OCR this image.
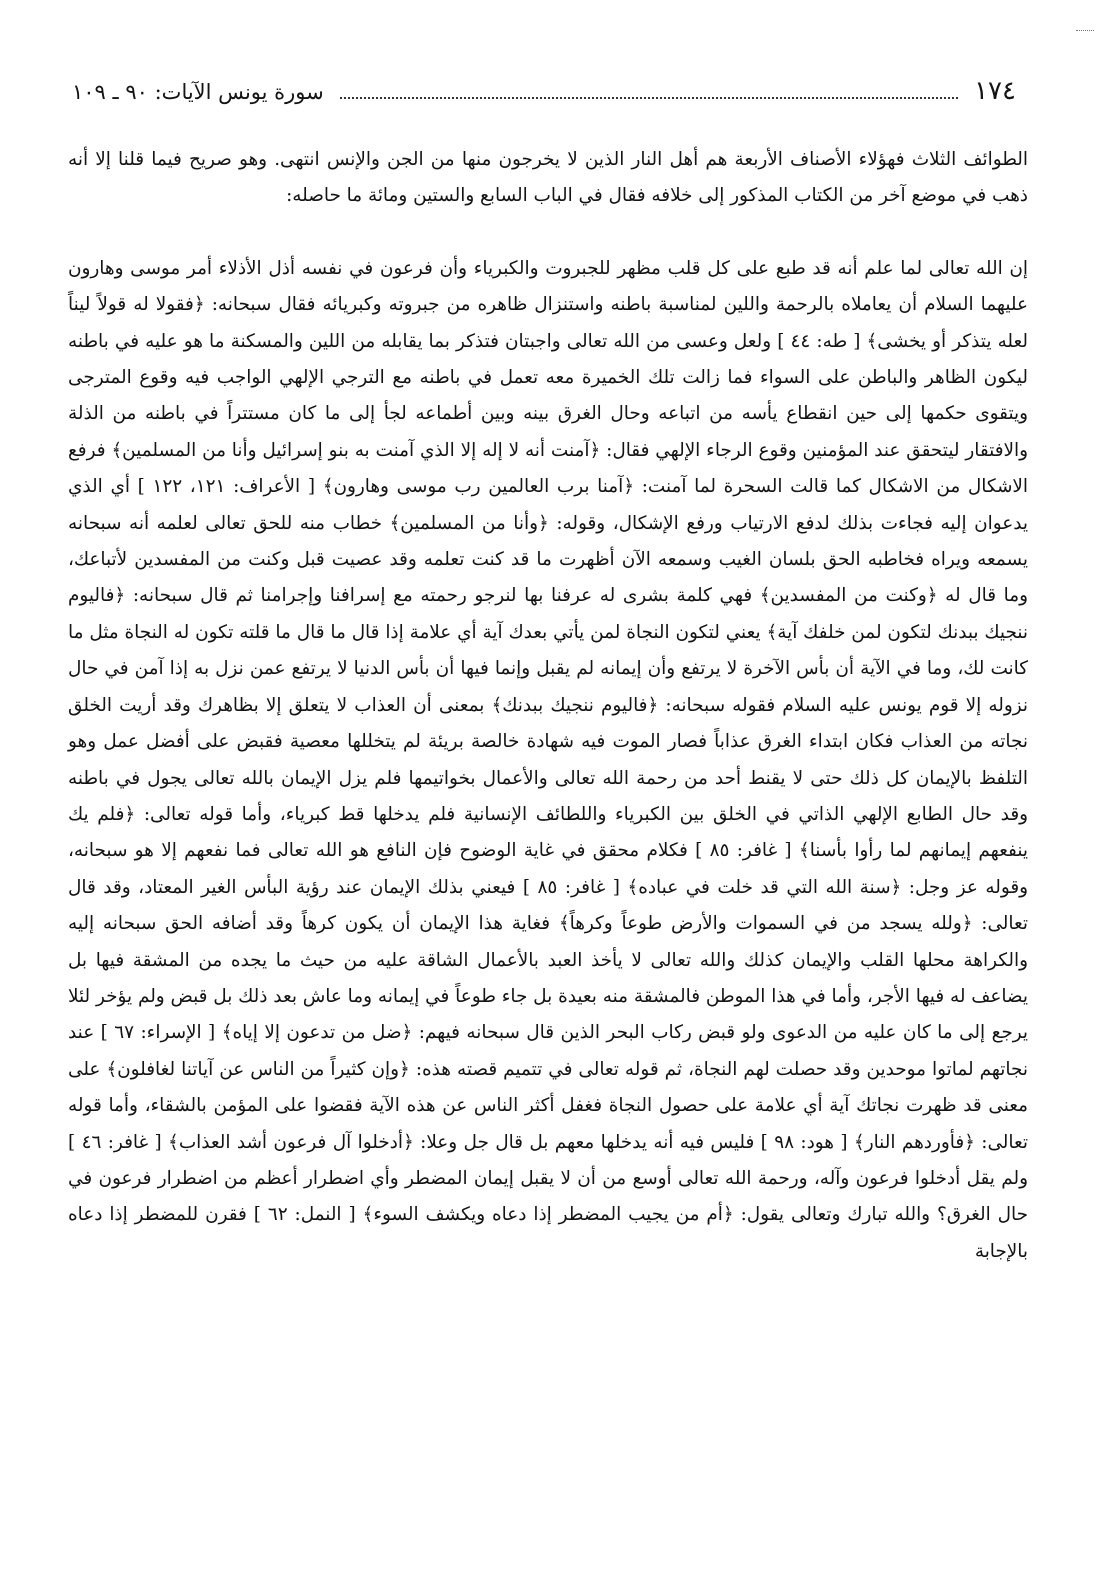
١٧٤
سورة يونس الآيات: ٩٠ ـ ١٠٩

الطوائف الثلاث فهؤلاء الأصناف الأربعة هم أهل النار الذين لا يخرجون منها من الجن والإنس انتهى. وهو صريح فيما قلنا إلا أنه ذهب في موضع آخر من الكتاب المذكور إلى خلافه فقال في الباب السابع والستين ومائة ما حاصله:

إن الله تعالى لما علم أنه قد طبع على كل قلب مظهر للجبروت والكبرياء وأن فرعون في نفسه أذل الأذلاء أمر موسى وهارون عليهما السلام أن يعاملاه بالرحمة واللين لمناسبة باطنه واستنزال ظاهره من جبروته وكبريائه فقال سبحانه: ﴿فقولا له قولاً ليناً لعله يتذكر أو يخشى﴾ [ طه: ٤٤ ] ولعل وعسى من الله تعالى واجبتان فتذكر بما يقابله من اللين والمسكنة ما هو عليه في باطنه ليكون الظاهر والباطن على السواء فما زالت تلك الخميرة معه تعمل في باطنه مع الترجي الإلهي الواجب فيه وقوع المترجى ويتقوى حكمها إلى حين انقطاع يأسه من اتباعه وحال الغرق بينه وبين أطماعه لجأ إلى ما كان مستتراً في باطنه من الذلة والافتقار ليتحقق عند المؤمنين وقوع الرجاء الإلهي فقال: ﴿آمنت أنه لا إله إلا الذي آمنت به بنو إسرائيل وأنا من المسلمين﴾ فرفع الاشكال من الاشكال كما قالت السحرة لما آمنت: ﴿آمنا برب العالمين رب موسى وهارون﴾ [ الأعراف: ١٢١، ١٢٢ ] أي الذي يدعوان إليه فجاءت بذلك لدفع الارتياب ورفع الإشكال، وقوله: ﴿وأنا من المسلمين﴾ خطاب منه للحق تعالى لعلمه أنه سبحانه يسمعه ويراه فخاطبه الحق بلسان الغيب وسمعه الآن أظهرت ما قد كنت تعلمه وقد عصيت قبل وكنت من المفسدين لأتباعك، وما قال له ﴿وكنت من المفسدين﴾ فهي كلمة بشرى له عرفنا بها لنرجو رحمته مع إسرافنا وإجرامنا ثم قال سبحانه: ﴿فاليوم ننجيك ببدنك لتكون لمن خلفك آية﴾ يعني لتكون النجاة لمن يأتي بعدك آية أي علامة إذا قال ما قال ما قلته تكون له النجاة مثل ما كانت لك، وما في الآية أن بأس الآخرة لا يرتفع وأن إيمانه لم يقبل وإنما فيها أن بأس الدنيا لا يرتفع عمن نزل به إذا آمن في حال نزوله إلا قوم يونس عليه السلام فقوله سبحانه: ﴿فاليوم ننجيك ببدنك﴾ بمعنى أن العذاب لا يتعلق إلا بظاهرك وقد أريت الخلق نجاته من العذاب فكان ابتداء الغرق عذاباً فصار الموت فيه شهادة خالصة بريئة لم يتخللها معصية فقبض على أفضل عمل وهو التلفظ بالإيمان كل ذلك حتى لا يقنط أحد من رحمة الله تعالى والأعمال بخواتيمها فلم يزل الإيمان بالله تعالى يجول في باطنه وقد حال الطابع الإلهي الذاتي في الخلق بين الكبرياء واللطائف الإنسانية فلم يدخلها قط كبرياء، وأما قوله تعالى: ﴿فلم يك ينفعهم إيمانهم لما رأوا بأسنا﴾ [ غافر: ٨٥ ] فكلام محقق في غاية الوضوح فإن النافع هو الله تعالى فما نفعهم إلا هو سبحانه، وقوله عز وجل: ﴿سنة الله التي قد خلت في عباده﴾ [ غافر: ٨٥ ] فيعني بذلك الإيمان عند رؤية البأس الغير المعتاد، وقد قال تعالى: ﴿ولله يسجد من في السموات والأرض طوعاً وكرهاً﴾ فغاية هذا الإيمان أن يكون كرهاً وقد أضافه الحق سبحانه إليه والكراهة محلها القلب والإيمان كذلك والله تعالى لا يأخذ العبد بالأعمال الشاقة عليه من حيث ما يجده من المشقة فيها بل يضاعف له فيها الأجر، وأما في هذا الموطن فالمشقة منه بعيدة بل جاء طوعاً في إيمانه وما عاش بعد ذلك بل قبض ولم يؤخر لئلا يرجع إلى ما كان عليه من الدعوى ولو قبض ركاب البحر الذين قال سبحانه فيهم: ﴿ضل من تدعون إلا إياه﴾ [ الإسراء: ٦٧ ] عند نجاتهم لماتوا موحدين وقد حصلت لهم النجاة، ثم قوله تعالى في تتميم قصته هذه: ﴿وإن كثيراً من الناس عن آياتنا لغافلون﴾ على معنى قد ظهرت نجاتك آية أي علامة على حصول النجاة فغفل أكثر الناس عن هذه الآية فقضوا على المؤمن بالشقاء، وأما قوله تعالى: ﴿فأوردهم النار﴾ [ هود: ٩٨ ] فليس فيه أنه يدخلها معهم بل قال جل وعلا: ﴿أدخلوا آل فرعون أشد العذاب﴾ [ غافر: ٤٦ ] ولم يقل أدخلوا فرعون وآله، ورحمة الله تعالى أوسع من أن لا يقبل إيمان المضطر وأي اضطرار أعظم من اضطرار فرعون في حال الغرق؟ والله تبارك وتعالى يقول: ﴿أم من يجيب المضطر إذا دعاه ويكشف السوء﴾ [ النمل: ٦٢ ] فقرن للمضطر إذا دعاه بالإجابة
